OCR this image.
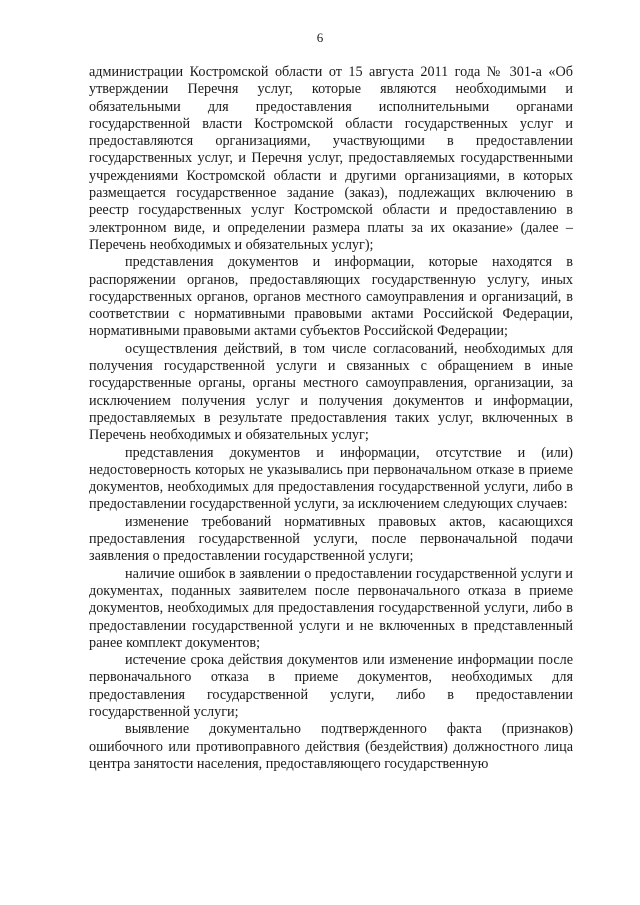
6

администрации Костромской области от 15 августа 2011 года № 301-а «Об утверждении Перечня услуг, которые являются необходимыми и обязательными для предоставления исполнительными органами государственной власти Костромской области государственных услуг и предоставляются организациями, участвующими в предоставлении государственных услуг, и Перечня услуг, предоставляемых государственными учреждениями Костромской области и другими организациями, в которых размещается государственное задание (заказ), подлежащих включению в реестр государственных услуг Костромской области и предоставлению в электронном виде, и определении размера платы за их оказание» (далее – Перечень необходимых и обязательных услуг);

представления документов и информации, которые находятся в распоряжении органов, предоставляющих государственную услугу, иных государственных органов, органов местного самоуправления и организаций, в соответствии с нормативными правовыми актами Российской Федерации, нормативными правовыми актами субъектов Российской Федерации;

осуществления действий, в том числе согласований, необходимых для получения государственной услуги и связанных с обращением в иные государственные органы, органы местного самоуправления, организации, за исключением получения услуг и получения документов и информации, предоставляемых в результате предоставления таких услуг, включенных в Перечень необходимых и обязательных услуг;

представления документов и информации, отсутствие и (или) недостоверность которых не указывались при первоначальном отказе в приеме документов, необходимых для предоставления государственной услуги, либо в предоставлении государственной услуги, за исключением следующих случаев:

изменение требований нормативных правовых актов, касающихся предоставления государственной услуги, после первоначальной подачи заявления о предоставлении государственной услуги;

наличие ошибок в заявлении о предоставлении государственной услуги и документах, поданных заявителем после первоначального отказа в приеме документов, необходимых для предоставления государственной услуги, либо в предоставлении государственной услуги и не включенных в представленный ранее комплект документов;

истечение срока действия документов или изменение информации после первоначального отказа в приеме документов, необходимых для предоставления государственной услуги, либо в предоставлении государственной услуги;

выявление документально подтвержденного факта (признаков) ошибочного или противоправного действия (бездействия) должностного лица центра занятости населения, предоставляющего государственную
